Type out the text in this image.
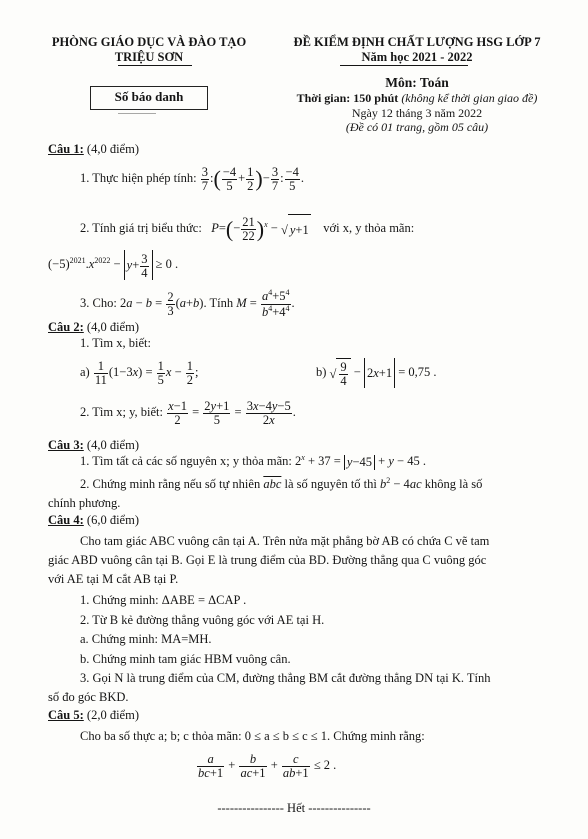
PHÒNG GIÁO DỤC VÀ ĐÀO TẠO
TRIỆU SƠN
ĐỀ KIỂM ĐỊNH CHẤT LƯỢNG HSG LỚP 7
Năm học 2021 - 2022
Số báo danh
...................
Môn: Toán
Thời gian: 150 phút (không kể thời gian giao đề)
Ngày 12 tháng 3 năm 2022
(Đề có 01 trang, gồm 05 câu)
Câu 1: (4,0 điểm)
1. Thực hiện phép tính: $\frac{3}{7}$ :( $\frac{-4}{5} + \frac{1}{2}$ )− $\frac{3}{7}$ : $\frac{-4}{5}$ .
2. Tính giá trị biểu thức: $P=(- \frac{21}{22} )^x$ − √ y+1 với x, y thỏa mãn:
$(-5)^{2021}.x^{2022} - y+ \frac{3}{4} \ge 0$ .
3. Cho: $2a - b = \frac{2}{3} (a+b)$. Tính $M = \frac{a^4+5^4}{b^4+4^4}$ .
Câu 2: (4,0 điểm)
1. Tìm x, biết:
$a) \frac{1}{11} (1-3x) = \frac{1}{5}$ $x - \frac{1}{2}$ ;	b) √ $\frac{9}{4} - 2x+1 = 0,75$ .
2. Tìm x; y, biết: $\frac{x-1}{2} = \frac{2y+1}{5} = \frac{3x-4y-5}{2x}$ .
Câu 3: (4,0 điểm)
1. Tìm tất cả các số nguyên x; y thỏa mãn: $2^x + 37 = y-45 + y - 45$ .
2. Chứng minh rằng nếu số tự nhiên $\overline{abc}$ là số nguyên tố thì $b^2 - 4ac$ không là số
chính phương.
Câu 4: (6,0 điểm)
Cho tam giác ABC vuông cân tại A. Trên nửa mặt phẳng bờ AB có chứa C vẽ tam
giác ABD vuông cân tại B. Gọi E là trung điểm của BD. Đường thẳng qua C vuông góc
với AE tại M cắt AB tại P.
1. Chứng minh: ΔABE = ΔCAP .
2. Từ B kẻ đường thẳng vuông góc với AE tại H.
a. Chứng minh: MA=MH.
b. Chứng minh tam giác HBM vuông cân.
3. Gọi N là trung điểm của CM, đường thẳng BM cắt đường thẳng DN tại K. Tính
số đo góc BKD.
Câu 5: (2,0 điểm)
Cho ba số thực a; b; c thỏa mãn: 0 ≤ a ≤ b ≤ c ≤ 1. Chứng minh rằng:
$\frac{a}{bc+1} + \frac{b}{ac+1} + \frac{c}{ab+1} \le 2$ .
---------------- Hết ---------------
